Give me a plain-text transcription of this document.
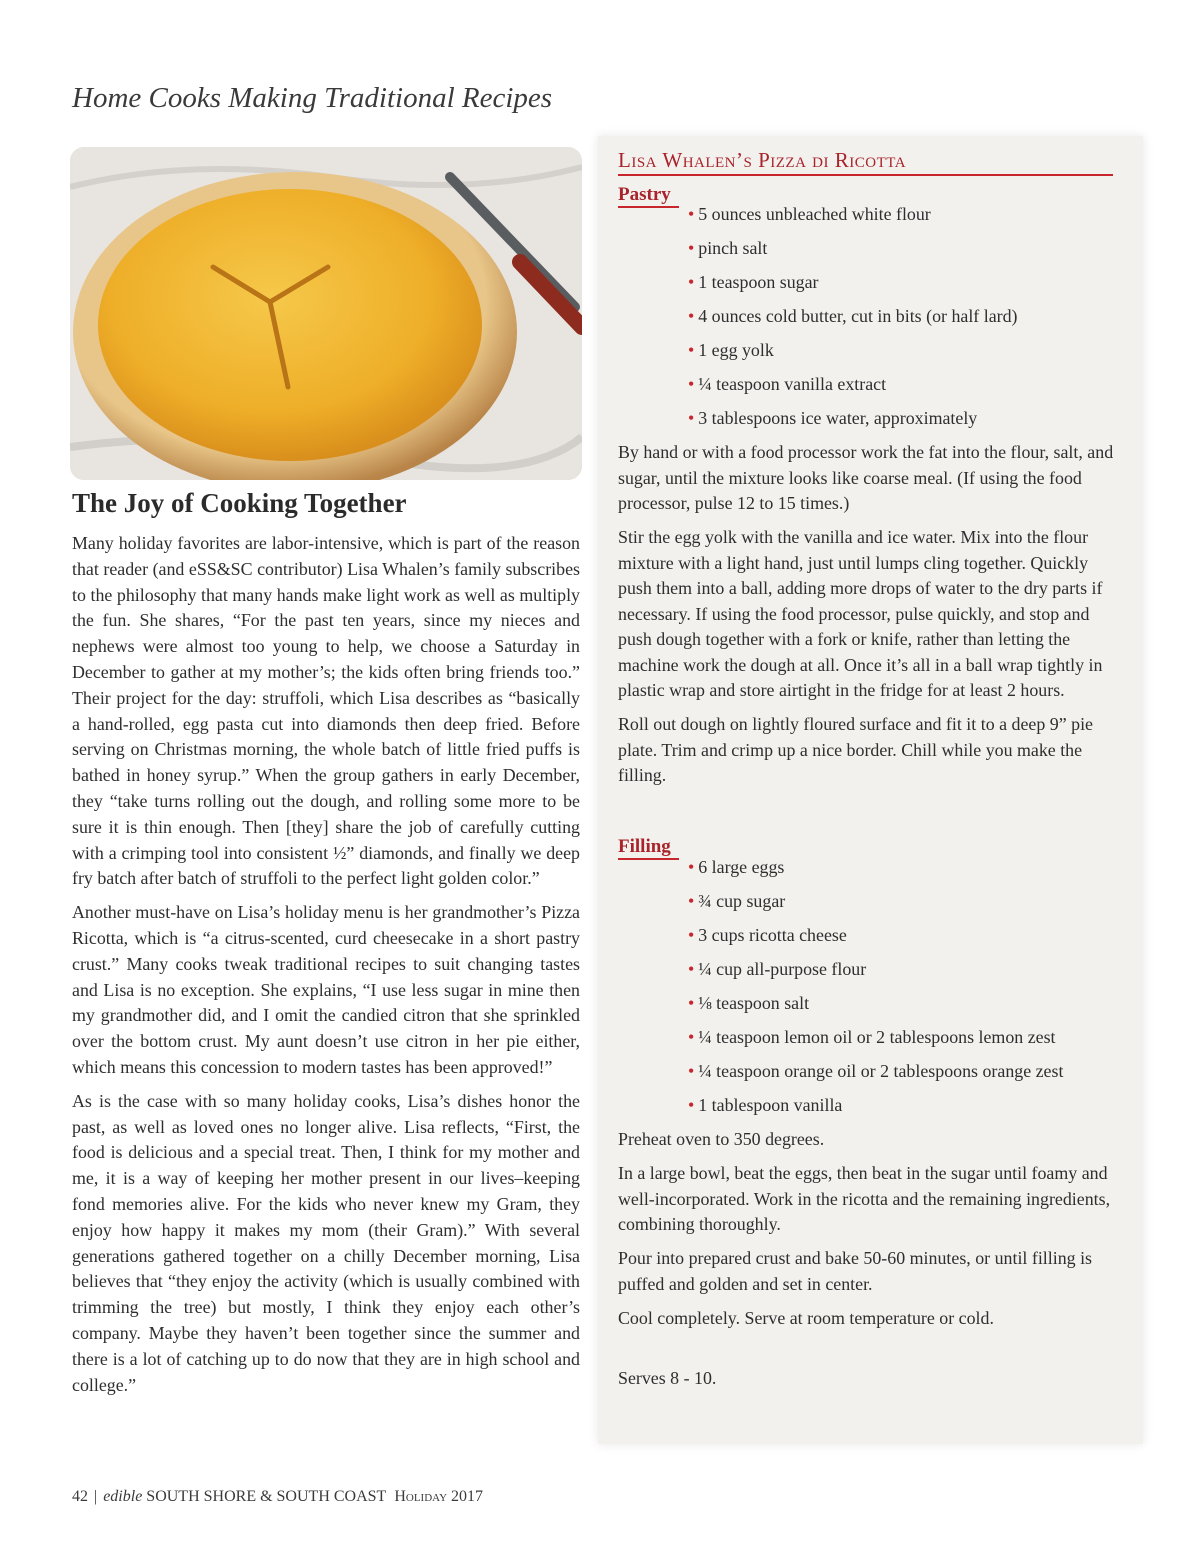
Home Cooks Making Traditional Recipes
The Joy of Cooking Together

Many holiday favorites are labor-intensive, which is part of the reason that reader (and eSS&SC contributor) Lisa Whalen’s family subscribes to the philosophy that many hands make light work as well as multiply the fun. She shares, “For the past ten years, since my nieces and nephews were almost too young to help, we choose a Saturday in December to gather at my mother’s; the kids often bring friends too.” Their project for the day: struffoli, which Lisa describes as “basically a hand-rolled, egg pasta cut into diamonds then deep fried. Before serving on Christmas morning, the whole batch of little fried puffs is bathed in honey syrup.” When the group gathers in early December, they “take turns rolling out the dough, and rolling some more to be sure it is thin enough. Then [they] share the job of carefully cutting with a crimping tool into consistent ½” diamonds, and finally we deep fry batch after batch of struffoli to the perfect light golden color.”

Another must-have on Lisa’s holiday menu is her grandmother’s Pizza Ricotta, which is “a citrus-scented, curd cheesecake in a short pastry crust.” Many cooks tweak traditional recipes to suit changing tastes and Lisa is no exception. She explains, “I use less sugar in mine then my grandmother did, and I omit the candied citron that she sprinkled over the bottom crust. My aunt doesn’t use citron in her pie either, which means this concession to modern tastes has been approved!”

As is the case with so many holiday cooks, Lisa’s dishes honor the past, as well as loved ones no longer alive. Lisa reflects, “First, the food is delicious and a special treat. Then, I think for my mother and me, it is a way of keeping her mother present in our lives–keeping fond memories alive. For the kids who never knew my Gram, they enjoy how happy it makes my mom (their Gram).” With several generations gathered together on a chilly December morning, Lisa believes that “they enjoy the activity (which is usually combined with trimming the tree) but mostly, I think they enjoy each other’s company. Maybe they haven’t been together since the summer and there is a lot of catching up to do now that they are in high school and college.”

Lisa Whalen’s Pizza di Ricotta
Pastry
• 5 ounces unbleached white flour
• pinch salt
• 1 teaspoon sugar
• 4 ounces cold butter, cut in bits (or half lard)
• 1 egg yolk
• ¼ teaspoon vanilla extract
• 3 tablespoons ice water, approximately

By hand or with a food processor work the fat into the flour, salt, and sugar, until the mixture looks like coarse meal. (If using the food processor, pulse 12 to 15 times.)

Stir the egg yolk with the vanilla and ice water. Mix into the flour mixture with a light hand, just until lumps cling together. Quickly push them into a ball, adding more drops of water to the dry parts if necessary. If using the food processor, pulse quickly, and stop and push dough together with a fork or knife, rather than letting the machine work the dough at all. Once it’s all in a ball wrap tightly in plastic wrap and store airtight in the fridge for at least 2 hours.

Roll out dough on lightly floured surface and fit it to a deep 9” pie plate. Trim and crimp up a nice border. Chill while you make the filling.

Filling
• 6 large eggs
• ¾ cup sugar
• 3 cups ricotta cheese
• ¼ cup all-purpose flour
• ⅛ teaspoon salt
• ¼ teaspoon lemon oil or 2 tablespoons lemon zest
• ¼ teaspoon orange oil or 2 tablespoons orange zest
• 1 tablespoon vanilla

Preheat oven to 350 degrees.

In a large bowl, beat the eggs, then beat in the sugar until foamy and well-incorporated. Work in the ricotta and the remaining ingredients, combining thoroughly.

Pour into prepared crust and bake 50-60 minutes, or until filling is puffed and golden and set in center.

Cool completely. Serve at room temperature or cold.

Serves 8 - 10.

42 | edible SOUTH SHORE & SOUTH COAST Holiday 2017
